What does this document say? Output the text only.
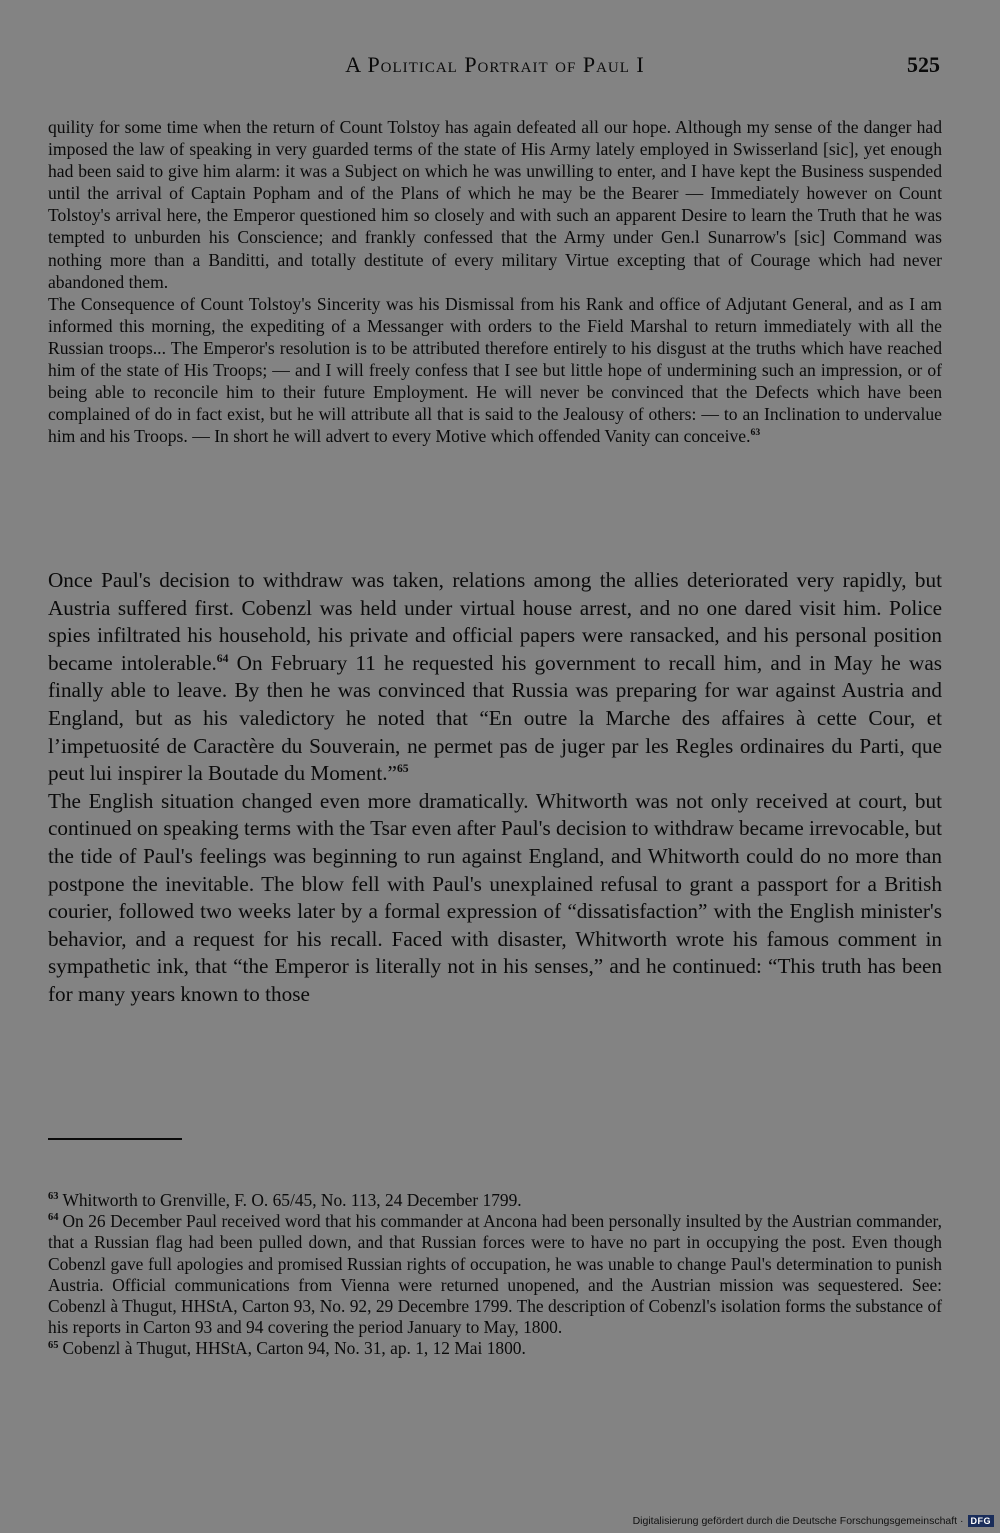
A Political Portrait of Paul I	525

quility for some time when the return of Count Tolstoy has again defeated all our hope. Although my sense of the danger had imposed the law of speaking in very guarded terms of the state of His Army lately employed in Swisserland [sic], yet enough had been said to give him alarm: it was a Subject on which he was unwilling to enter, and I have kept the Business suspended until the arrival of Captain Popham and of the Plans of which he may be the Bearer — Immediately however on Count Tolstoy's arrival here, the Emperor questioned him so closely and with such an apparent Desire to learn the Truth that he was tempted to unburden his Conscience; and frankly confessed that the Army under Gen.l Sunarrow's [sic] Command was nothing more than a Banditti, and totally destitute of every military Virtue excepting that of Courage which had never abandoned them.

The Consequence of Count Tolstoy's Sincerity was his Dismissal from his Rank and office of Adjutant General, and as I am informed this morning, the expediting of a Messanger with orders to the Field Marshal to return immediately with all the Russian troops... The Emperor's resolution is to be attributed therefore entirely to his disgust at the truths which have reached him of the state of His Troops; — and I will freely confess that I see but little hope of undermining such an impression, or of being able to reconcile him to their future Employment. He will never be convinced that the Defects which have been complained of do in fact exist, but he will attribute all that is said to the Jealousy of others: — to an Inclination to undervalue him and his Troops. — In short he will advert to every Motive which offended Vanity can conceive.$^{63}$

Once Paul's decision to withdraw was taken, relations among the allies deteriorated very rapidly, but Austria suffered first. Cobenzl was held under virtual house arrest, and no one dared visit him. Police spies infiltrated his household, his private and official papers were ransacked, and his personal position became intolerable.$^{64}$ On February 11 he requested his government to recall him, and in May he was finally able to leave. By then he was convinced that Russia was preparing for war against Austria and England, but as his valedictory he noted that “En outre la Marche des affaires à cette Cour, et l’impetuosité de Caractère du Souverain, ne permet pas de juger par les Regles ordinaires du Parti, que peut lui inspirer la Boutade du Moment.”$^{65}$

The English situation changed even more dramatically. Whitworth was not only received at court, but continued on speaking terms with the Tsar even after Paul's decision to withdraw became irrevocable, but the tide of Paul's feelings was beginning to run against England, and Whitworth could do no more than postpone the inevitable. The blow fell with Paul's unexplained refusal to grant a passport for a British courier, followed two weeks later by a formal expression of “dissatisfaction” with the English minister's behavior, and a request for his recall. Faced with disaster, Whitworth wrote his famous comment in sympathetic ink, that “the Emperor is literally not in his senses,” and he continued: “This truth has been for many years known to those

$^{63}$ Whitworth to Grenville, F. O. 65/45, No. 113, 24 December 1799.

$^{64}$ On 26 December Paul received word that his commander at Ancona had been personally insulted by the Austrian commander, that a Russian flag had been pulled down, and that Russian forces were to have no part in occupying the post. Even though Cobenzl gave full apologies and promised Russian rights of occupation, he was unable to change Paul's determination to punish Austria. Official communications from Vienna were returned unopened, and the Austrian mission was sequestered. See: Cobenzl à Thugut, HHStA, Carton 93, No. 92, 29 Decembre 1799. The description of Cobenzl's isolation forms the substance of his reports in Carton 93 and 94 covering the period January to May, 1800.

$^{65}$ Cobenzl à Thugut, HHStA, Carton 94, No. 31, ap. 1, 12 Mai 1800.

Digitalisierung gefördert durch die Deutsche Forschungsgemeinschaft · DFG
